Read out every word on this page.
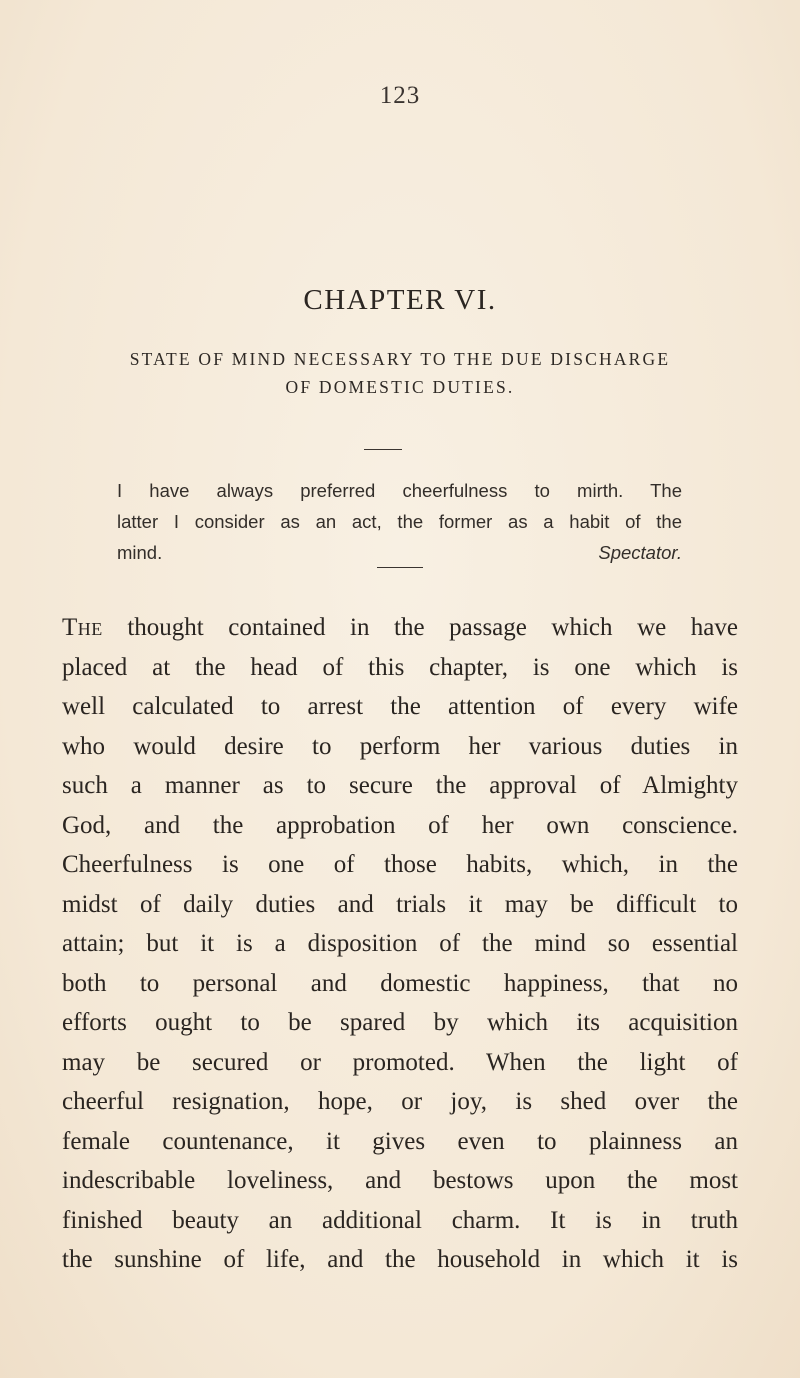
123
CHAPTER VI.
STATE OF MIND NECESSARY TO THE DUE DISCHARGE
OF DOMESTIC DUTIES.
I have always preferred cheerfulness to mirth. The
latter I consider as an act, the former as a habit of the
mind.	Spectator.
The thought contained in the passage which we have
placed at the head of this chapter, is one which is
well calculated to arrest the attention of every wife
who would desire to perform her various duties in
such a manner as to secure the approval of Almighty
God, and the approbation of her own conscience.
Cheerfulness is one of those habits, which, in the
midst of daily duties and trials it may be difficult to
attain; but it is a disposition of the mind so essential
both to personal and domestic happiness, that no
efforts ought to be spared by which its acquisition
may be secured or promoted. When the light of
cheerful resignation, hope, or joy, is shed over the
female countenance, it gives even to plainness an
indescribable loveliness, and bestows upon the most
finished beauty an additional charm. It is in truth
the sunshine of life, and the household in which it is
